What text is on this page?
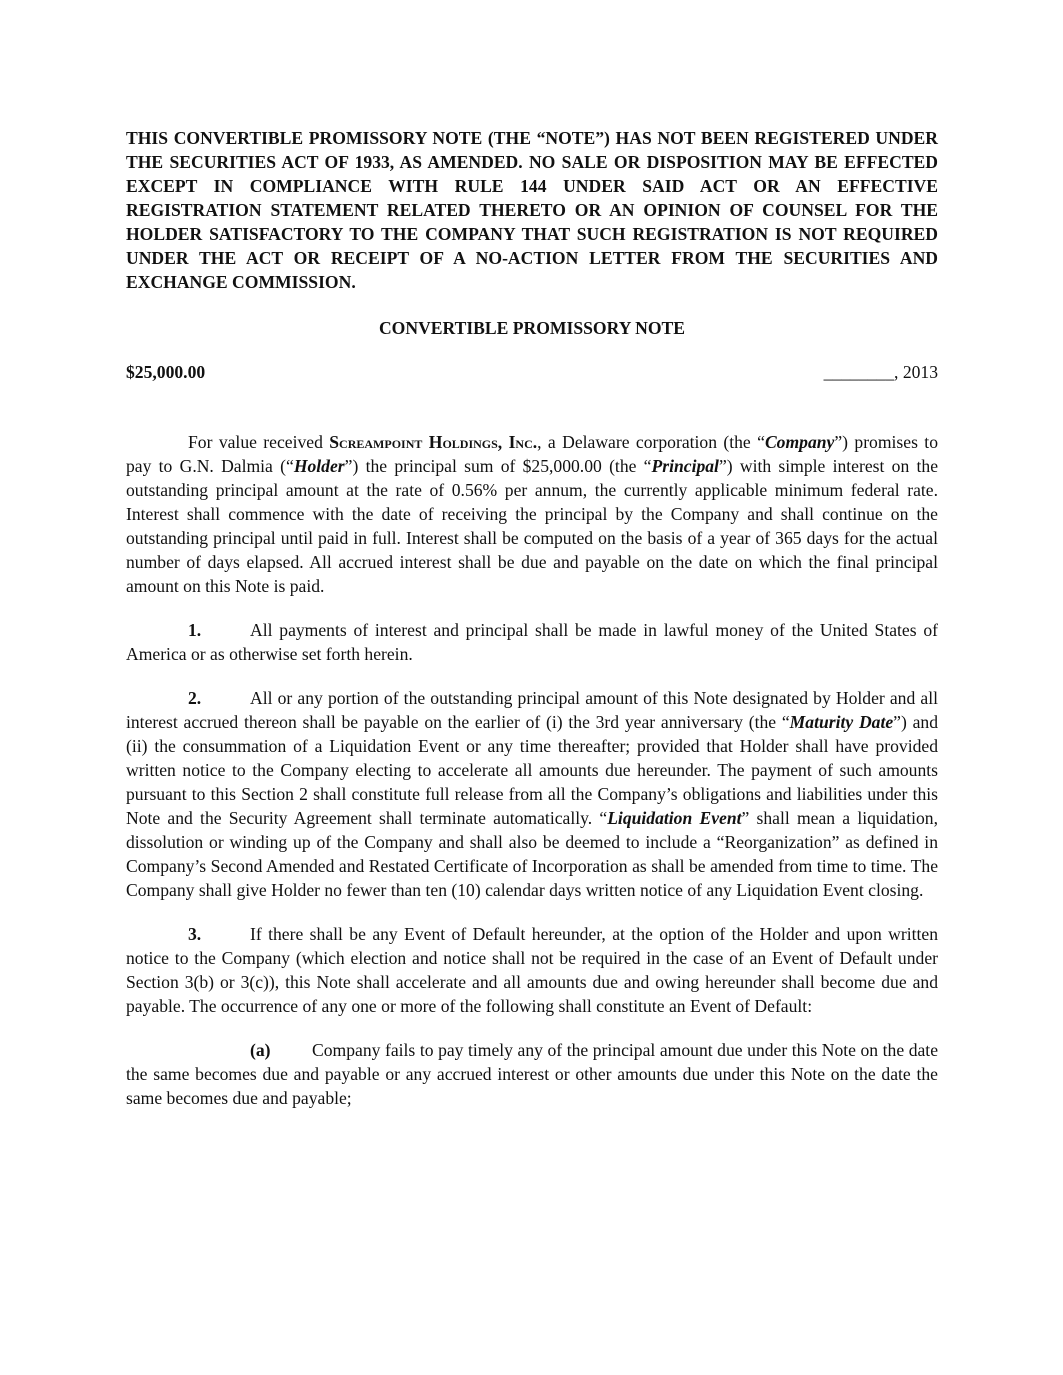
THIS CONVERTIBLE PROMISSORY NOTE (THE “NOTE”) HAS NOT BEEN REGISTERED UNDER THE SECURITIES ACT OF 1933, AS AMENDED. NO SALE OR DISPOSITION MAY BE EFFECTED EXCEPT IN COMPLIANCE WITH RULE 144 UNDER SAID ACT OR AN EFFECTIVE REGISTRATION STATEMENT RELATED THERETO OR AN OPINION OF COUNSEL FOR THE HOLDER SATISFACTORY TO THE COMPANY THAT SUCH REGISTRATION IS NOT REQUIRED UNDER THE ACT OR RECEIPT OF A NO-ACTION LETTER FROM THE SECURITIES AND EXCHANGE COMMISSION.

CONVERTIBLE PROMISSORY NOTE
$25,000.00	________, 2013

For value received Screampoint Holdings, Inc., a Delaware corporation (the “Company”) promises to pay to G.N. Dalmia (“Holder”) the principal sum of $25,000.00 (the “Principal”) with simple interest on the outstanding principal amount at the rate of 0.56% per annum, the currently applicable minimum federal rate. Interest shall commence with the date of receiving the principal by the Company and shall continue on the outstanding principal until paid in full. Interest shall be computed on the basis of a year of 365 days for the actual number of days elapsed. All accrued interest shall be due and payable on the date on which the final principal amount on this Note is paid.

1.	All payments of interest and principal shall be made in lawful money of the United States of America or as otherwise set forth herein.

2.	All or any portion of the outstanding principal amount of this Note designated by Holder and all interest accrued thereon shall be payable on the earlier of (i) the 3rd year anniversary (the “Maturity Date”) and (ii) the consummation of a Liquidation Event or any time thereafter; provided that Holder shall have provided written notice to the Company electing to accelerate all amounts due hereunder. The payment of such amounts pursuant to this Section 2 shall constitute full release from all the Company’s obligations and liabilities under this Note and the Security Agreement shall terminate automatically. “Liquidation Event” shall mean a liquidation, dissolution or winding up of the Company and shall also be deemed to include a “Reorganization” as defined in Company’s Second Amended and Restated Certificate of Incorporation as shall be amended from time to time. The Company shall give Holder no fewer than ten (10) calendar days written notice of any Liquidation Event closing.

3.	If there shall be any Event of Default hereunder, at the option of the Holder and upon written notice to the Company (which election and notice shall not be required in the case of an Event of Default under Section 3(b) or 3(c)), this Note shall accelerate and all amounts due and owing hereunder shall become due and payable. The occurrence of any one or more of the following shall constitute an Event of Default:

(a) Company fails to pay timely any of the principal amount due under this Note on the date the same becomes due and payable or any accrued interest or other amounts due under this Note on the date the same becomes due and payable;
